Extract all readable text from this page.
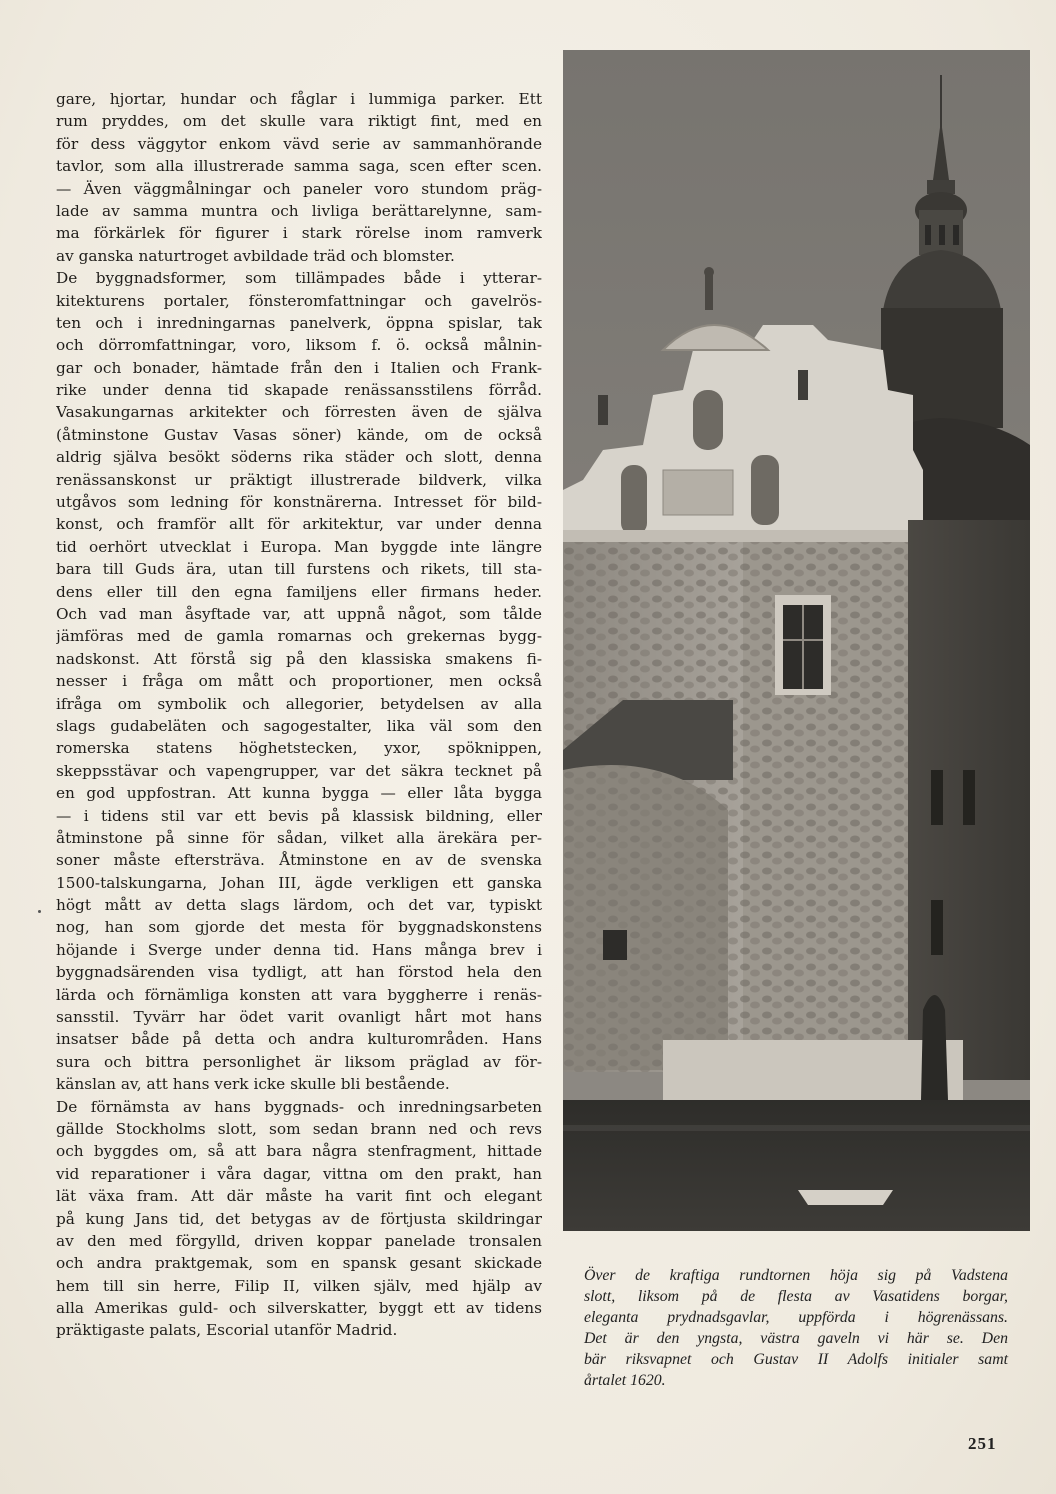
gare, hjortar, hundar och fåglar i lummiga parker. Ett
rum pryddes, om det skulle vara riktigt fint, med en
för dess väggytor enkom vävd serie av sammanhörande
tavlor, som alla illustrerade samma saga, scen efter scen.
— Även väggmålningar och paneler voro stundom präg-
lade av samma muntra och livliga berättarelynne, sam-
ma förkärlek för figurer i stark rörelse inom ramverk
av ganska naturtroget avbildade träd och blomster.
De byggnadsformer, som tillämpades både i ytterar-
kitekturens portaler, fönsteromfattningar och gavelrös-
ten och i inredningarnas panelverk, öppna spislar, tak
och dörromfattningar, voro, liksom f. ö. också målnin-
gar och bonader, hämtade från den i Italien och Frank-
rike under denna tid skapade renässansstilens förråd.
Vasakungarnas arkitekter och förresten även de själva
(åtminstone Gustav Vasas söner) kände, om de också
aldrig själva besökt söderns rika städer och slott, denna
renässanskonst ur präktigt illustrerade bildverk, vilka
utgåvos som ledning för konstnärerna. Intresset för bild-
konst, och framför allt för arkitektur, var under denna
tid oerhört utvecklat i Europa. Man byggde inte längre
bara till Guds ära, utan till furstens och rikets, till sta-
dens eller till den egna familjens eller firmans heder.
Och vad man åsyftade var, att uppnå något, som tålde
jämföras med de gamla romarnas och grekernas bygg-
nadskonst. Att förstå sig på den klassiska smakens fi-
nesser i fråga om mått och proportioner, men också
ifråga om symbolik och allegorier, betydelsen av alla
slags gudabeläten och sagogestalter, lika väl som den
romerska statens höghetstecken, yxor, spöknippen,
skeppsstävar och vapengrupper, var det säkra tecknet på
en god uppfostran. Att kunna bygga — eller låta bygga
— i tidens stil var ett bevis på klassisk bildning, eller
åtminstone på sinne för sådan, vilket alla ärekära per-
soner måste eftersträva. Åtminstone en av de svenska
1500-talskungarna, Johan III, ägde verkligen ett ganska
högt mått av detta slags lärdom, och det var, typiskt
nog, han som gjorde det mesta för byggnadskonstens
höjande i Sverge under denna tid. Hans många brev i
byggnadsärenden visa tydligt, att han förstod hela den
lärda och förnämliga konsten att vara byggherre i renäs-
sansstil. Tyvärr har ödet varit ovanligt hårt mot hans
insatser både på detta och andra kulturområden. Hans
sura och bittra personlighet är liksom präglad av för-
känslan av, att hans verk icke skulle bli bestående.
De förnämsta av hans byggnads- och inredningsarbeten
gällde Stockholms slott, som sedan brann ned och revs
och byggdes om, så att bara några stenfragment, hittade
vid reparationer i våra dagar, vittna om den prakt, han
lät växa fram. Att där måste ha varit fint och elegant
på kung Jans tid, det betygas av de förtjusta skildringar
av den med förgylld, driven koppar panelade tronsalen
och andra praktgemak, som en spansk gesant skickade
hem till sin herre, Filip II, vilken själv, med hjälp av
alla Amerikas guld- och silverskatter, byggt ett av tidens
präktigaste palats, Escorial utanför Madrid.
Över de kraftiga rundtornen höja sig på Vadstena
slott, liksom på de flesta av Vasatidens borgar,
eleganta prydnadsgavlar, uppförda i högrenässans.
Det är den yngsta, västra gaveln vi här se. Den
bär riksvapnet och Gustav II Adolfs initialer samt
årtalet 1620.
251
